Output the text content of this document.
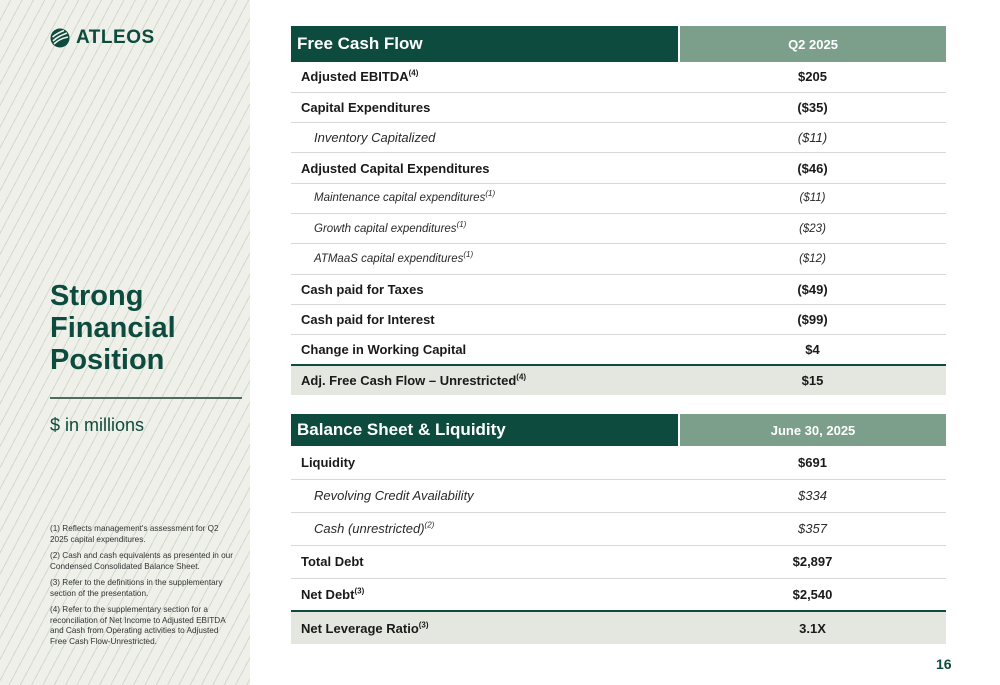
ATLEOS
Strong
Financial
Position
$ in millions

(1) Reflects management's assessment for Q2 2025 capital expenditures.

(2) Cash and cash equivalents as presented in our Condensed Consolidated Balance Sheet.

(3) Refer to the definitions in the supplementary section of the presentation.

(4) Refer to the supplementary section for a reconciliation of Net Income to Adjusted EBITDA and Cash from Operating activities to Adjusted Free Cash Flow-Unrestricted.

Free Cash Flow	Q2 2025
Adjusted EBITDA$^{(4)}$	$205
Capital Expenditures	($35)
Inventory Capitalized	($11)
Adjusted Capital Expenditures	($46)
Maintenance capital expenditures$^{(1)}$	($11)
Growth capital expenditures$^{(1)}$	($23)
ATMaaS capital expenditures$^{(1)}$	($12)
Cash paid for Taxes	($49)
Cash paid for Interest	($99)
Change in Working Capital	$4
Adj. Free Cash Flow – Unrestricted$^{(4)}$	$15
Balance Sheet & Liquidity	June 30, 2025
Liquidity	$691
Revolving Credit Availability	$334
Cash (unrestricted)$^{(2)}$	$357
Total Debt	$2,897
Net Debt$^{(3)}$	$2,540
Net Leverage Ratio$^{(3)}$	3.1X
16
